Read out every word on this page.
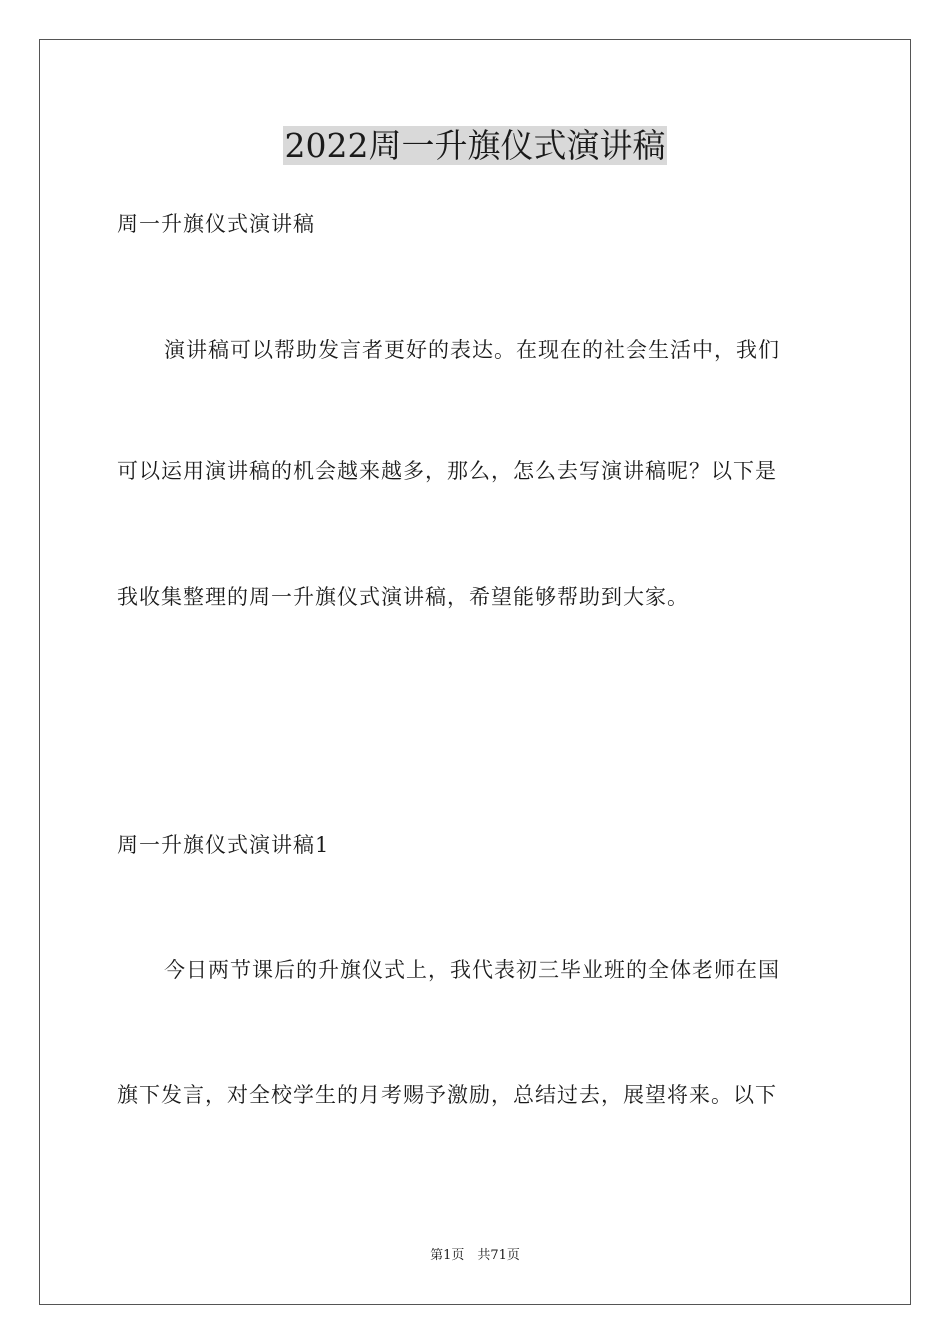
2022周一升旗仪式演讲稿
周一升旗仪式演讲稿
演讲稿可以帮助发言者更好的表达。在现在的社会生活中，我们
可以运用演讲稿的机会越来越多，那么，怎么去写演讲稿呢？以下是
我收集整理的周一升旗仪式演讲稿，希望能够帮助到大家。
周一升旗仪式演讲稿1
今日两节课后的升旗仪式上，我代表初三毕业班的全体老师在国
旗下发言，对全校学生的月考赐予激励，总结过去，展望将来。以下
第1页　共71页
